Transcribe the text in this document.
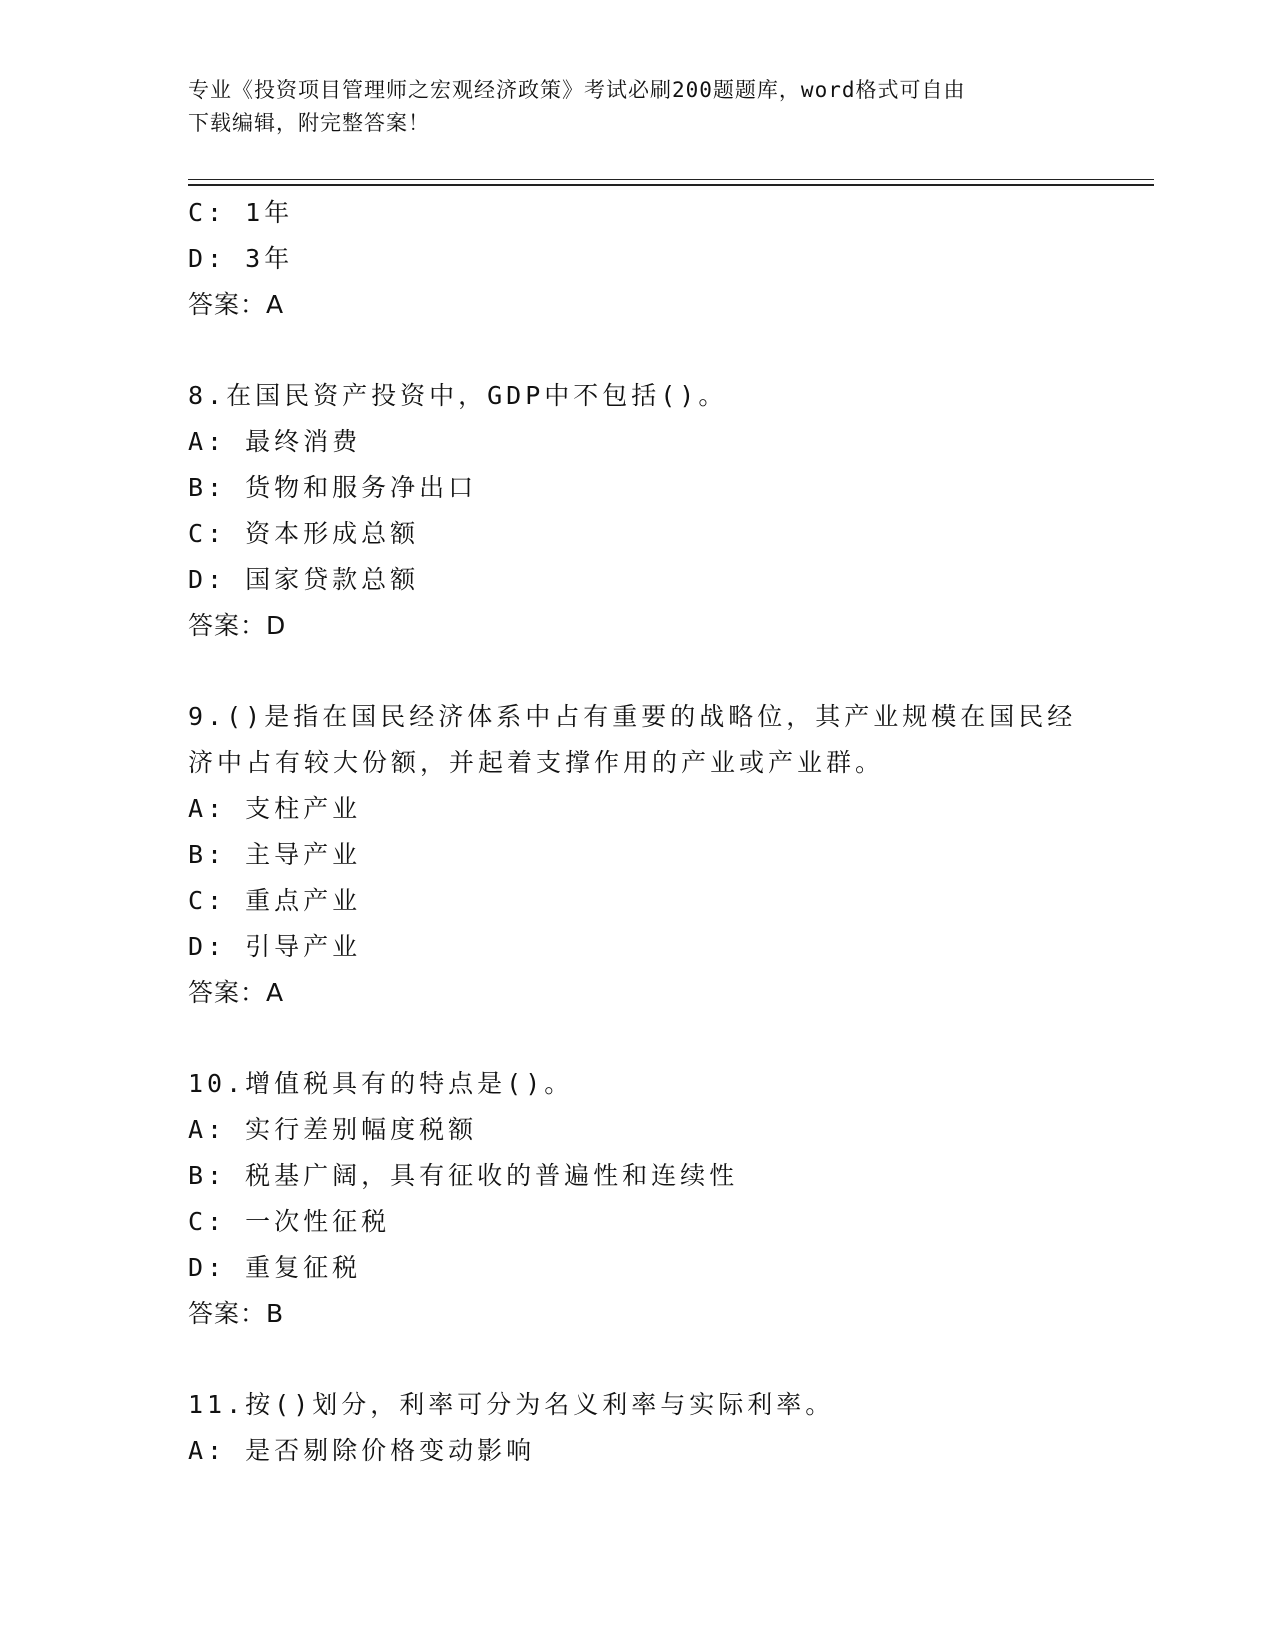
专业《投资项目管理师之宏观经济政策》考试必刷200题题库，word格式可自由
下载编辑，附完整答案！
C: 1年
D: 3年
答案：A
8.在国民资产投资中，GDP中不包括()。
A: 最终消费
B: 货物和服务净出口
C: 资本形成总额
D: 国家贷款总额
答案：D
9.()是指在国民经济体系中占有重要的战略位，其产业规模在国民经
济中占有较大份额，并起着支撑作用的产业或产业群。
A: 支柱产业
B: 主导产业
C: 重点产业
D: 引导产业
答案：A
10.增值税具有的特点是()。
A: 实行差别幅度税额
B: 税基广阔，具有征收的普遍性和连续性
C: 一次性征税
D: 重复征税
答案：B
11.按()划分，利率可分为名义利率与实际利率。
A: 是否剔除价格变动影响
